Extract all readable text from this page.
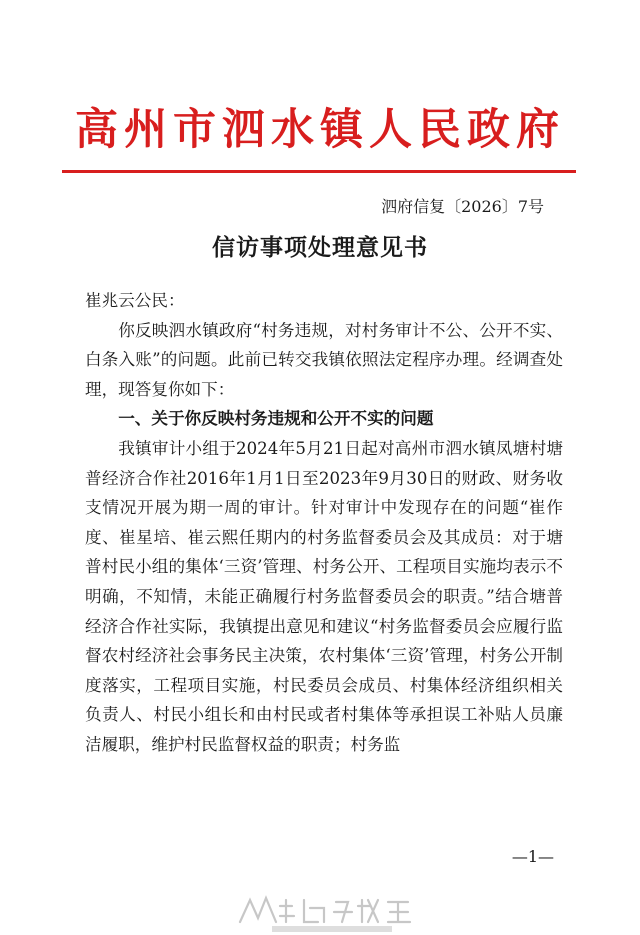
高州市泗水镇人民政府
泗府信复〔2026〕7号
信访事项处理意见书

崔兆云公民：

你反映泗水镇政府“村务违规，对村务审计不公、公开不实、白条入账”的问题。此前已转交我镇依照法定程序办理。经调查处理，现答复你如下：

一、关于你反映村务违规和公开不实的问题

我镇审计小组于2024年5月21日起对高州市泗水镇凤塘村塘普经济合作社2016年1月1日至2023年9月30日的财政、财务收支情况开展为期一周的审计。针对审计中发现存在的问题“崔作度、崔星培、崔云熙任期内的村务监督委员会及其成员：对于塘普村民小组的集体‘三资’管理、村务公开、工程项目实施均表示不明确，不知情，未能正确履行村务监督委员会的职责。”结合塘普经济合作社实际，我镇提出意见和建议“村务监督委员会应履行监督农村经济社会事务民主决策，农村集体‘三资’管理，村务公开制度落实，工程项目实施，村民委员会成员、村集体经济组织相关负责人、村民小组长和由村民或者村集体等承担误工补贴人员廉洁履职，维护村民监督权益的职责；村务监

—1—
